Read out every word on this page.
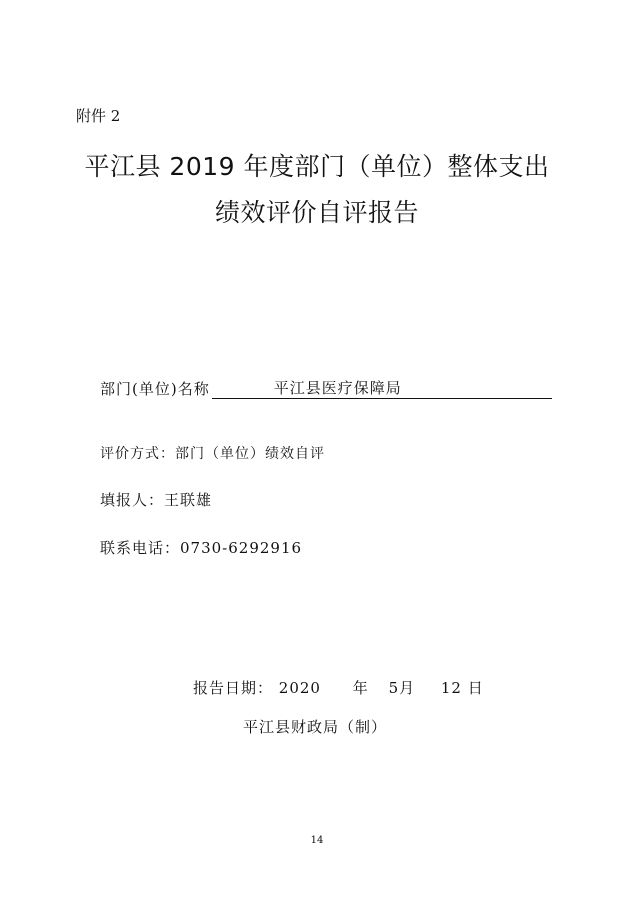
附件 2
平江县 2019 年度部门（单位）整体支出
绩效评价自评报告
部门(单位)名称	平江县医疗保障局
评价方式：部门（单位）绩效自评
填报人：王联雄
联系电话：0730-6292916
报告日期： 2020 年 5月 12 日
平江县财政局（制）
14
